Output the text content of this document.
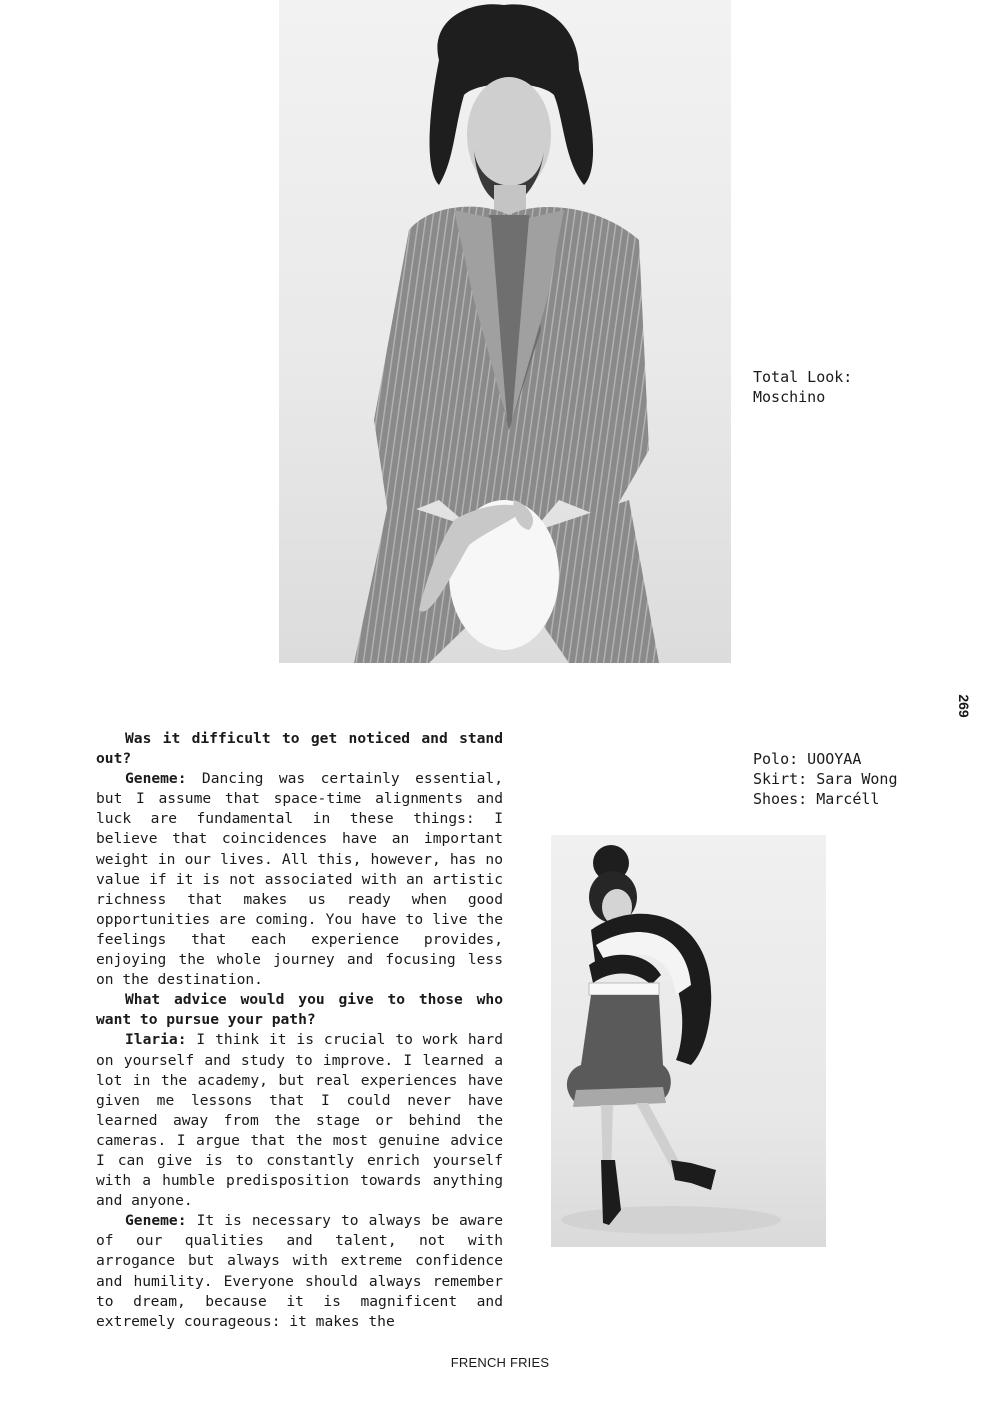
Total Look:
Moschino
269

Was it difficult to get noticed and stand out?

Geneme: Dancing was certainly essential, but I assume that space-time alignments and luck are fundamental in these things: I believe that coincidences have an important weight in our lives. All this, however, has no value if it is not associated with an artistic richness that makes us ready when good opportunities are coming. You have to live the feelings that each experience provides, enjoying the whole journey and focusing less on the destination.

What advice would you give to those who want to pursue your path?

Ilaria: I think it is crucial to work hard on yourself and study to improve. I learned a lot in the academy, but real experiences have given me lessons that I could never have learned away from the stage or behind the cameras. I argue that the most genuine advice I can give is to constantly enrich yourself with a humble predisposition towards anything and anyone.

Geneme: It is necessary to always be aware of our qualities and talent, not with arrogance but always with extreme confidence and humility. Everyone should always remember to dream, because it is magnificent and extremely courageous: it makes the

Polo: UOOYAA
Skirt: Sara Wong
Shoes: Marcéll
FRENCH FRIES
